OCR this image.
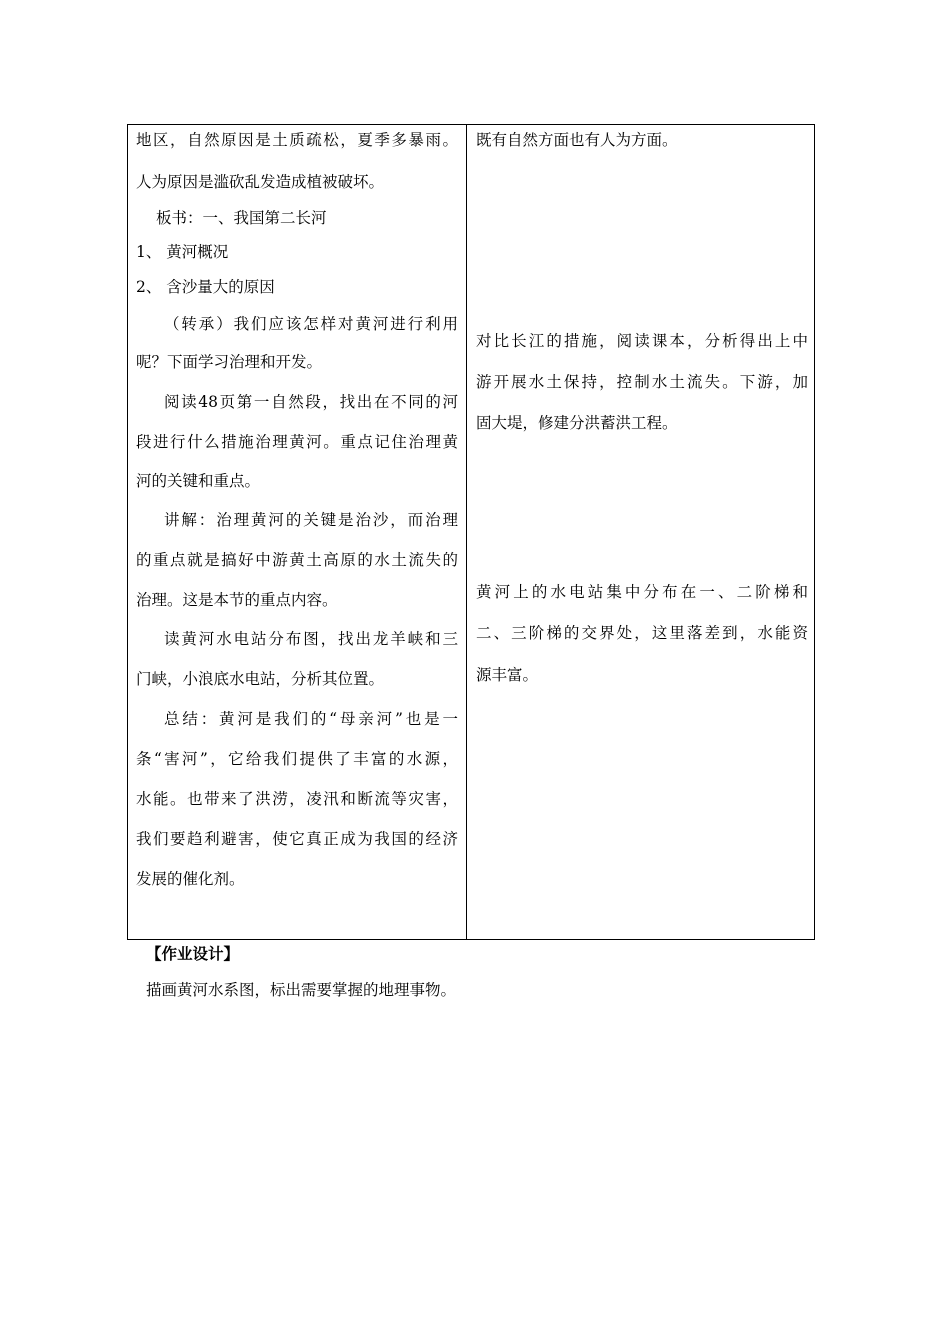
地区，自然原因是土质疏松，夏季多暴雨。
人为原因是滥砍乱发造成植被破坏。
板书：一、我国第二长河
1、 黄河概况
2、 含沙量大的原因
（转承）我们应该怎样对黄河进行利用
呢？下面学习治理和开发。
阅读48页第一自然段，找出在不同的河
段进行什么措施治理黄河。重点记住治理黄
河的关键和重点。
讲解：治理黄河的关键是治沙，而治理
的重点就是搞好中游黄土高原的水土流失的
治理。这是本节的重点内容。
读黄河水电站分布图，找出龙羊峡和三
门峡，小浪底水电站，分析其位置。
总结：黄河是我们的“母亲河”也是一
条“害河”，它给我们提供了丰富的水源，
水能。也带来了洪涝，凌汛和断流等灾害，
我们要趋利避害，使它真正成为我国的经济
发展的催化剂。
既有自然方面也有人为方面。
对比长江的措施，阅读课本，分析得出上中
游开展水土保持，控制水土流失。下游，加
固大堤，修建分洪蓄洪工程。
黄河上的水电站集中分布在一、二阶梯和
二、三阶梯的交界处，这里落差到，水能资
源丰富。
【作业设计】
描画黄河水系图，标出需要掌握的地理事物。
